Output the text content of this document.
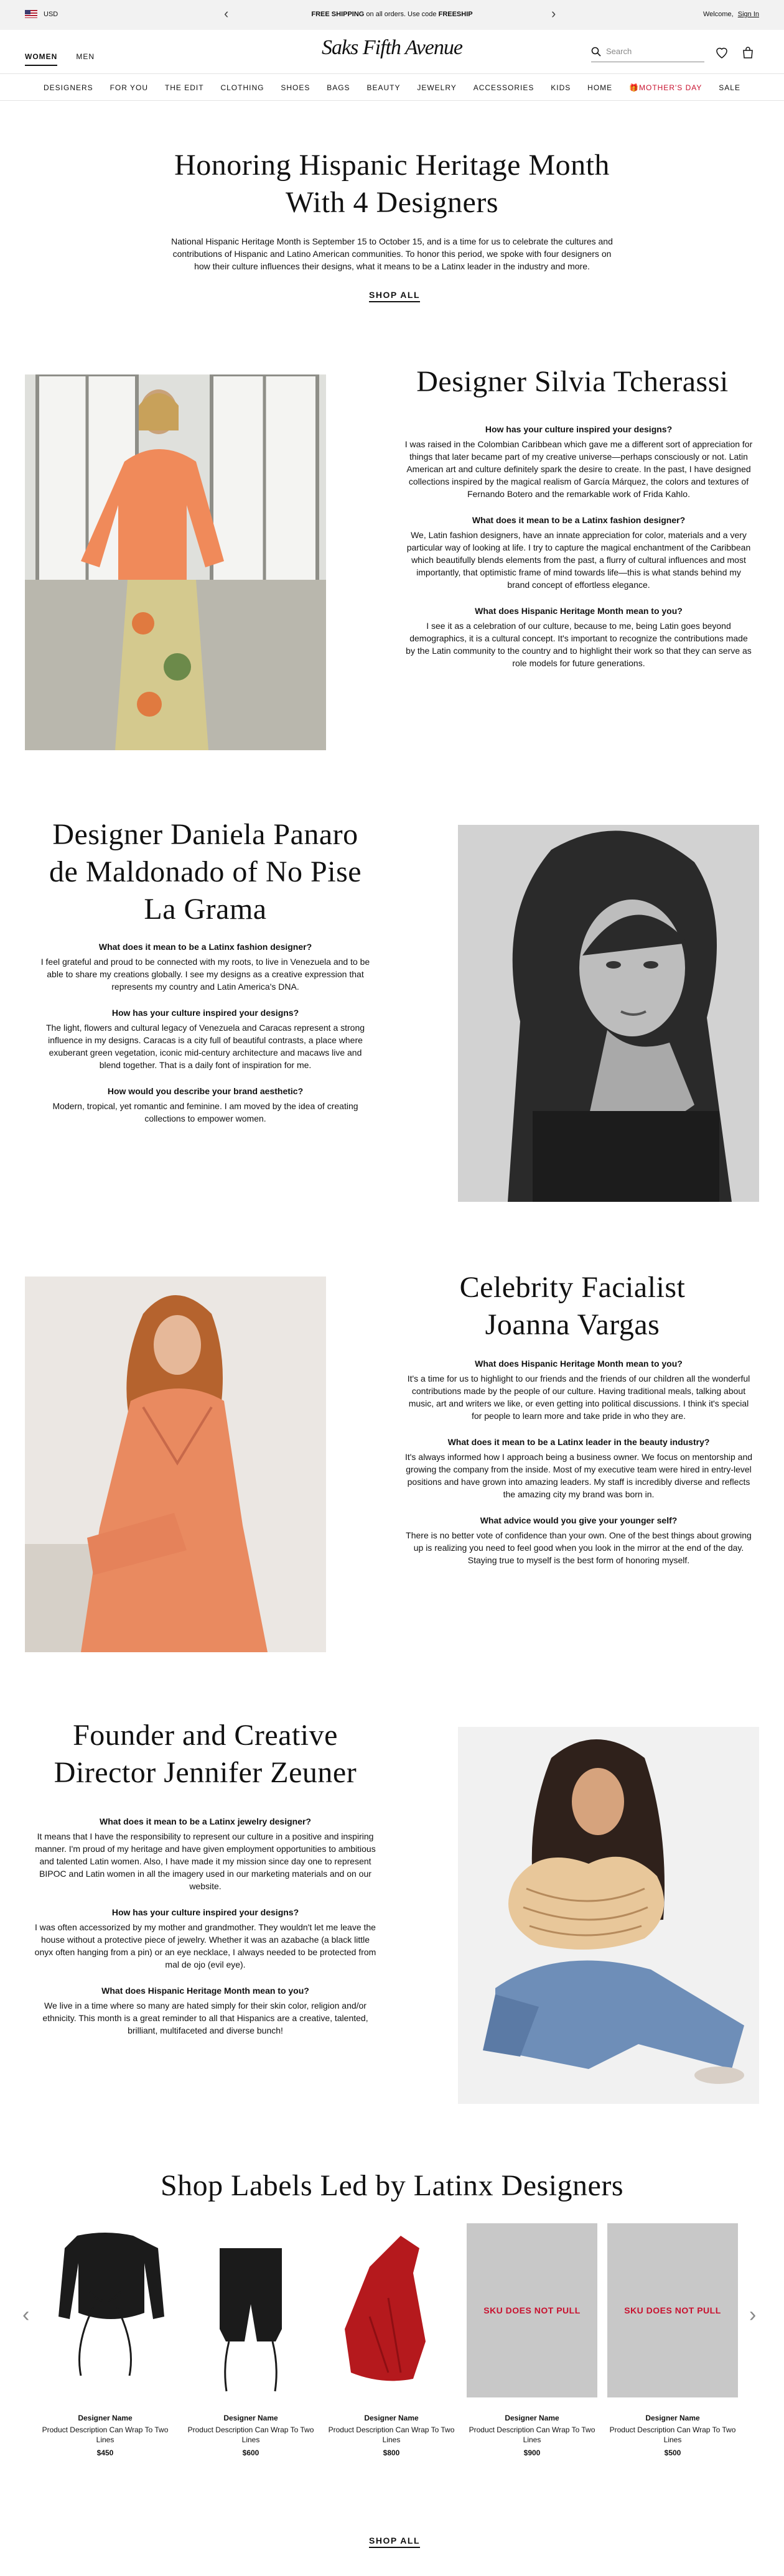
USD	‹	FREE SHIPPING on all orders. Use code FREESHIP	›	Welcome, Sign In
WOMEN	MEN	Saks Fifth Avenue	Search
DESIGNERS FOR YOU THE EDIT CLOTHING SHOES BAGS BEAUTY JEWELRY ACCESSORIES KIDS HOME 🎁MOTHER'S DAY SALE
Honoring Hispanic Heritage Month
With 4 Designers
National Hispanic Heritage Month is September 15 to October 15, and is a time for us to celebrate the cultures and contributions of Hispanic and Latino American communities. To honor this period, we spoke with four designers on how their culture influences their designs, what it means to be a Latinx leader in the industry and more.
SHOP ALL
Designer Silvia Tcherassi
How has your culture inspired your designs?
I was raised in the Colombian Caribbean which gave me a different sort of appreciation for things that later became part of my creative universe—perhaps consciously or not. Latin American art and culture definitely spark the desire to create. In the past, I have designed collections inspired by the magical realism of García Márquez, the colors and textures of Fernando Botero and the remarkable work of Frida Kahlo.
What does it mean to be a Latinx fashion designer?
We, Latin fashion designers, have an innate appreciation for color, materials and a very particular way of looking at life. I try to capture the magical enchantment of the Caribbean which beautifully blends elements from the past, a flurry of cultural influences and most importantly, that optimistic frame of mind towards life—this is what stands behind my brand concept of effortless elegance.
What does Hispanic Heritage Month mean to you?
I see it as a celebration of our culture, because to me, being Latin goes beyond demographics, it is a cultural concept. It's important to recognize the contributions made by the Latin community to the country and to highlight their work so that they can serve as role models for future generations.
Designer Daniela Panaro
de Maldonado of No Pise
La Grama
What does it mean to be a Latinx fashion designer?
I feel grateful and proud to be connected with my roots, to live in Venezuela and to be able to share my creations globally. I see my designs as a creative expression that represents my country and Latin America's DNA.
How has your culture inspired your designs?
The light, flowers and cultural legacy of Venezuela and Caracas represent a strong influence in my designs. Caracas is a city full of beautiful contrasts, a place where exuberant green vegetation, iconic mid-century architecture and macaws live and blend together. That is a daily font of inspiration for me.
How would you describe your brand aesthetic?
Modern, tropical, yet romantic and feminine. I am moved by the idea of creating collections to empower women.
Celebrity Facialist
Joanna Vargas
What does Hispanic Heritage Month mean to you?
It's a time for us to highlight to our friends and the friends of our children all the wonderful contributions made by the people of our culture. Having traditional meals, talking about music, art and writers we like, or even getting into political discussions. I think it's special for people to learn more and take pride in who they are.
What does it mean to be a Latinx leader in the beauty industry?
It's always informed how I approach being a business owner. We focus on mentorship and growing the company from the inside. Most of my executive team were hired in entry-level positions and have grown into amazing leaders. My staff is incredibly diverse and reflects the amazing city my brand was born in.
What advice would you give your younger self?
There is no better vote of confidence than your own. One of the best things about growing up is realizing you need to feel good when you look in the mirror at the end of the day. Staying true to myself is the best form of honoring myself.
Founder and Creative
Director Jennifer Zeuner
What does it mean to be a Latinx jewelry designer?
It means that I have the responsibility to represent our culture in a positive and inspiring manner. I'm proud of my heritage and have given employment opportunities to ambitious and talented Latin women. Also, I have made it my mission since day one to represent BIPOC and Latin women in all the imagery used in our marketing materials and on our website.
How has your culture inspired your designs?
I was often accessorized by my mother and grandmother. They wouldn't let me leave the house without a protective piece of jewelry. Whether it was an azabache (a black little onyx often hanging from a pin) or an eye necklace, I always needed to be protected from mal de ojo (evil eye).
What does Hispanic Heritage Month mean to you?
We live in a time where so many are hated simply for their skin color, religion and/or ethnicity. This month is a great reminder to all that Hispanics are a creative, talented, brilliant, multifaceted and diverse bunch!
Shop Labels Led by Latinx Designers
‹	›
Designer Name
Product Description Can Wrap To Two Lines
$450
Designer Name
Product Description Can Wrap To Two Lines
$600
Designer Name
Product Description Can Wrap To Two Lines
$800
SKU DOES NOT PULL
Designer Name
Product Description Can Wrap To Two Lines
$900
SKU DOES NOT PULL
Designer Name
Product Description Can Wrap To Two Lines
$500
SHOP ALL
